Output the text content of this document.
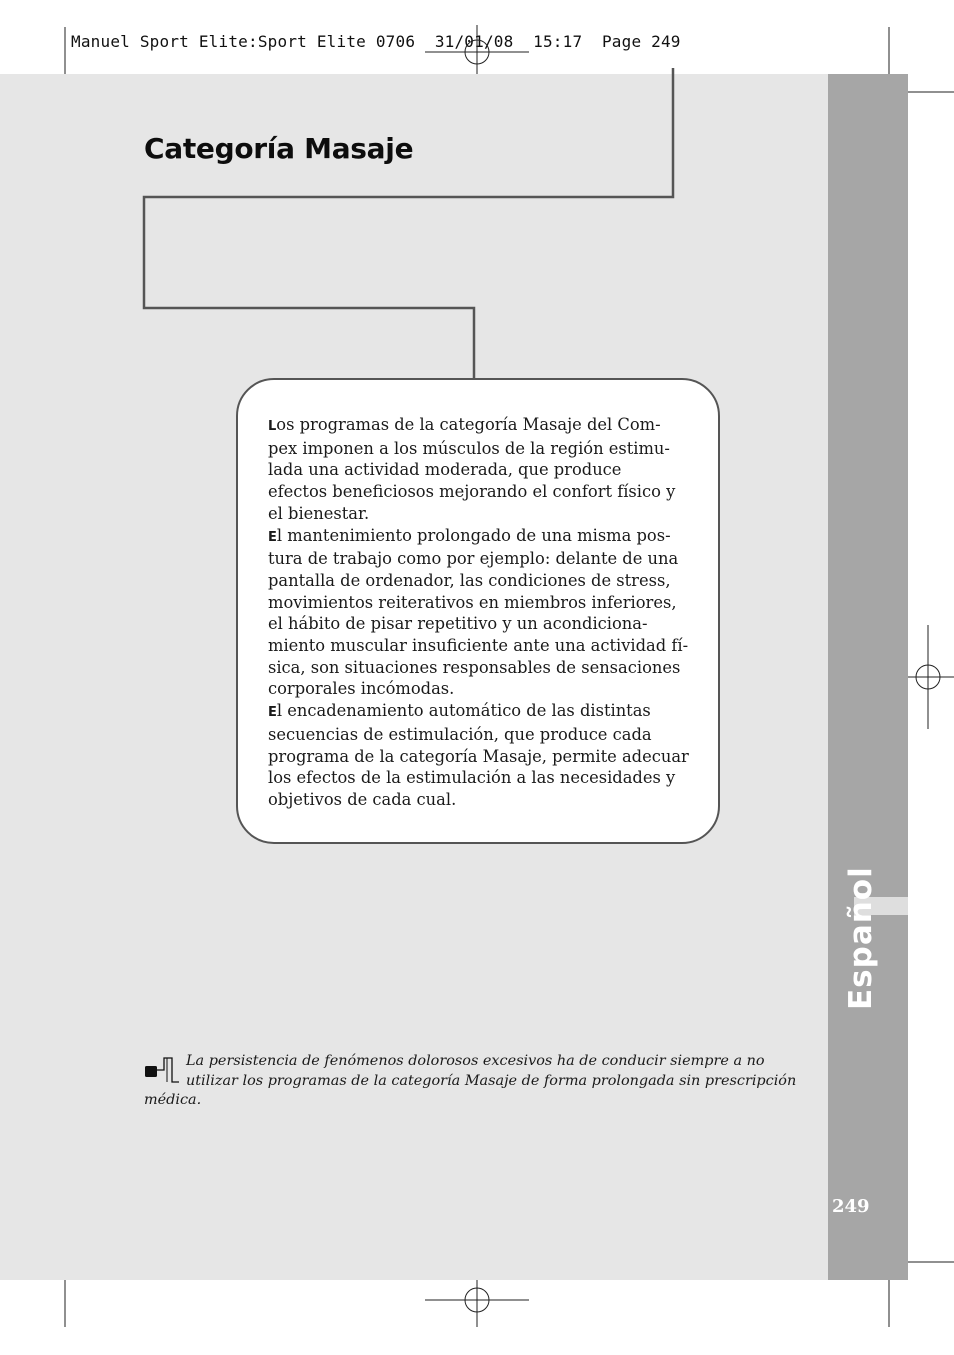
Manuel Sport Elite:Sport Elite 0706  31/01/08  15:17  Page 249
Español
249
Categoría Masaje

Los programas de la categoría Masaje del Com-
pex imponen a los músculos de la región estimu-
lada una actividad moderada, que produce
efectos beneficiosos mejorando el confort físico y
el bienestar.

El mantenimiento prolongado de una misma pos-
tura de trabajo como por ejemplo: delante de una
pantalla de ordenador, las condiciones de stress,
movimientos reiterativos en miembros inferiores,
el hábito de pisar repetitivo y un acondiciona-
miento muscular insuficiente ante una actividad fí-
sica, son situaciones responsables de sensaciones
corporales incómodas.

El encadenamiento automático de las distintas
secuencias de estimulación, que produce cada
programa de la categoría Masaje, permite adecuar
los efectos de la estimulación a las necesidades y
objetivos de cada cual.

La persistencia de fenómenos dolorosos excesivos ha de conducir siempre a no
utilizar los programas de la categoría Masaje de forma prolongada sin prescripción
médica.
